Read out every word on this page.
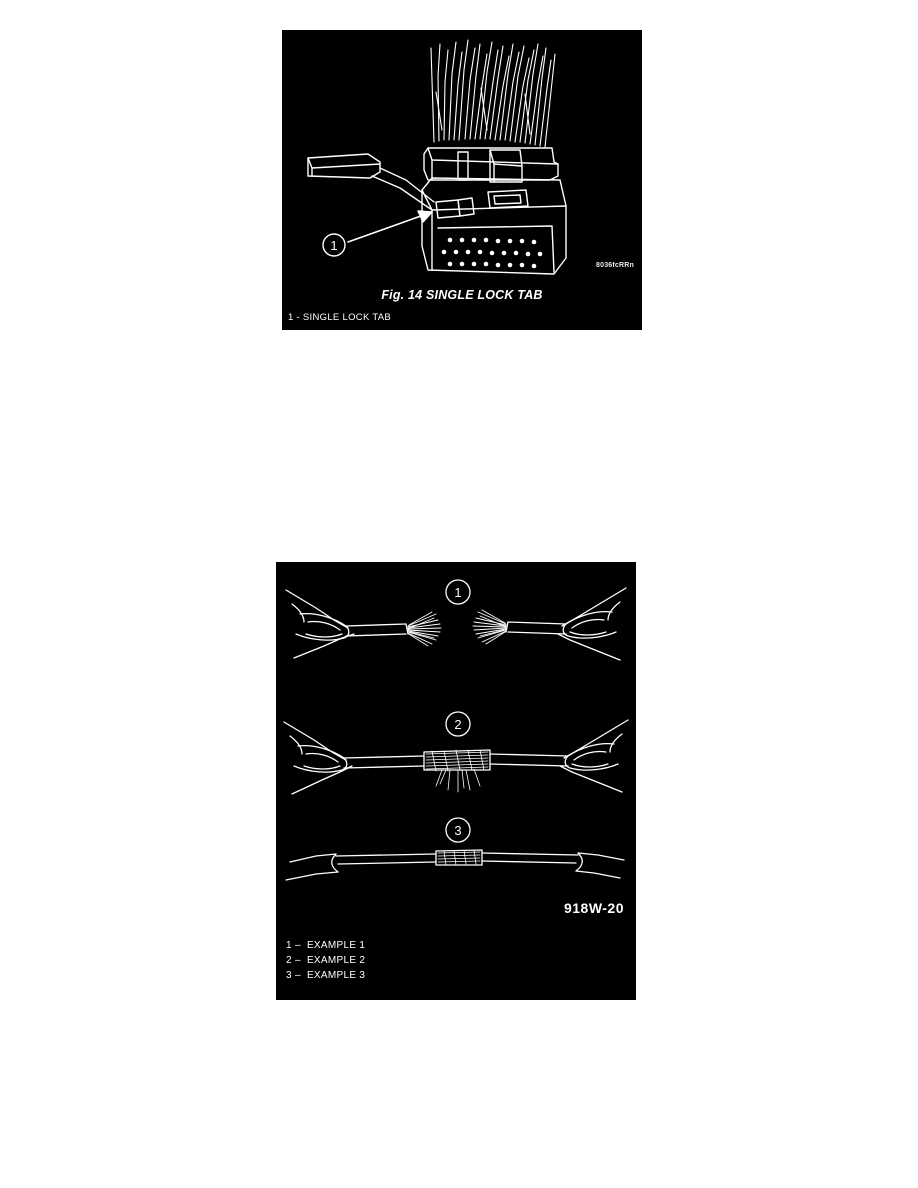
1
8036fcRRn
Fig. 14 SINGLE LOCK TAB
1 - SINGLE LOCK TAB
1
2
3
918W-20
1 –  EXAMPLE 1
2 –  EXAMPLE 2
3 –  EXAMPLE 3
